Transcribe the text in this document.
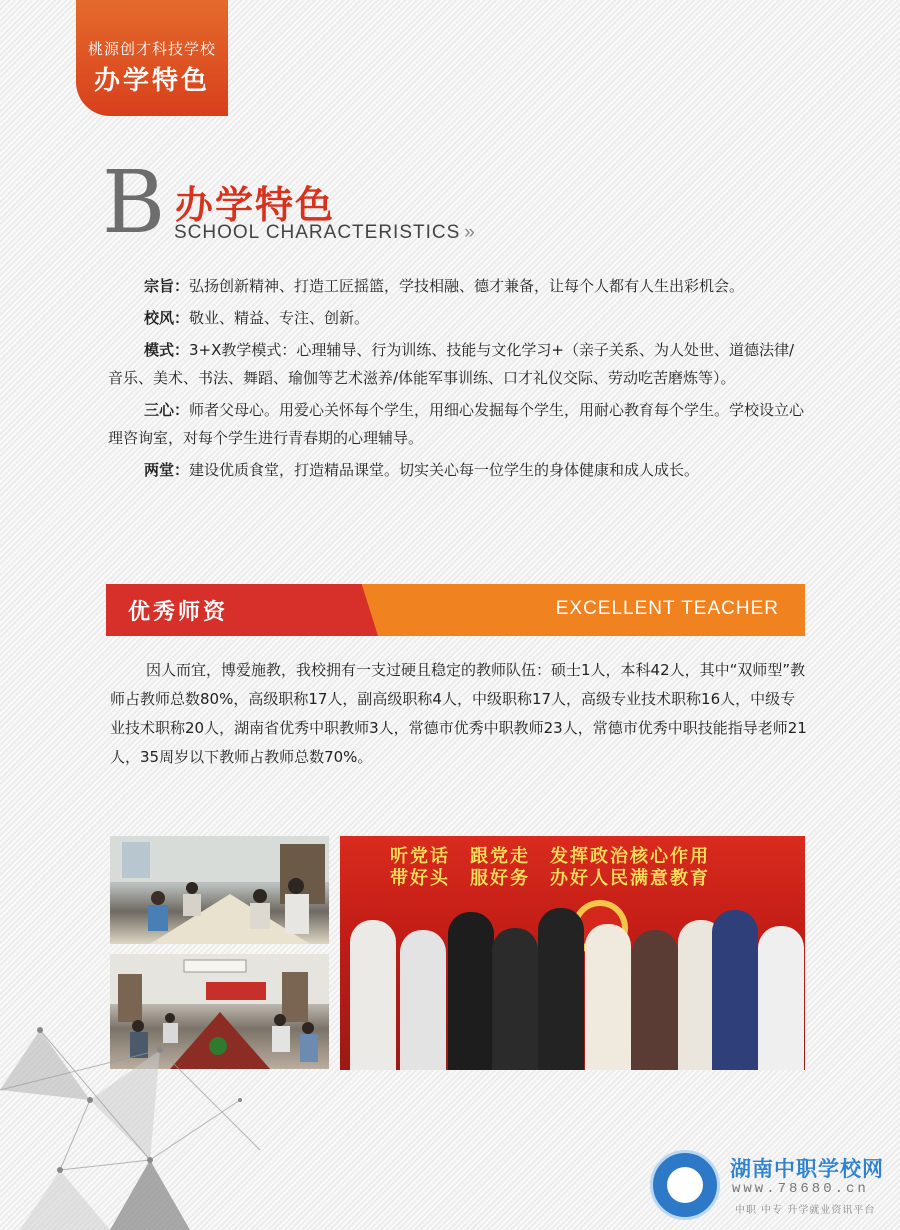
桃源创才科技学校
办学特色
B 办学特色
SCHOOL CHARACTERISTICS »

宗旨：弘扬创新精神、打造工匠摇篮，学技相融、德才兼备，让每个人都有人生出彩机会。

校风：敬业、精益、专注、创新。

模式：3+X教学模式：心理辅导、行为训练、技能与文化学习+（亲子关系、为人处世、道德法律/音乐、美术、书法、舞蹈、瑜伽等艺术滋养/体能军事训练、口才礼仪交际、劳动吃苦磨炼等）。

三心：师者父母心。用爱心关怀每个学生，用细心发掘每个学生，用耐心教育每个学生。学校设立心理咨询室，对每个学生进行青春期的心理辅导。

两堂：建设优质食堂，打造精品课堂。切实关心每一位学生的身体健康和成人成长。

优秀师资	EXCELLENT TEACHER

因人而宜，博爱施教，我校拥有一支过硬且稳定的教师队伍：硕士1人，本科42人，其中“双师型”教师占教师总数80%，高级职称17人，副高级职称4人，中级职称17人，高级专业技术职称16人，中级专业技术职称20人，湖南省优秀中职教师3人，常德市优秀中职教师23人，常德市优秀中职技能指导老师21人，35周岁以下教师占教师总数70%。

听党话　跟党走　发挥政治核心作用
带好头　服好务　办好人民满意教育
湖南中职学校网
www.78680.cn
中职 中专 升学就业资讯平台
